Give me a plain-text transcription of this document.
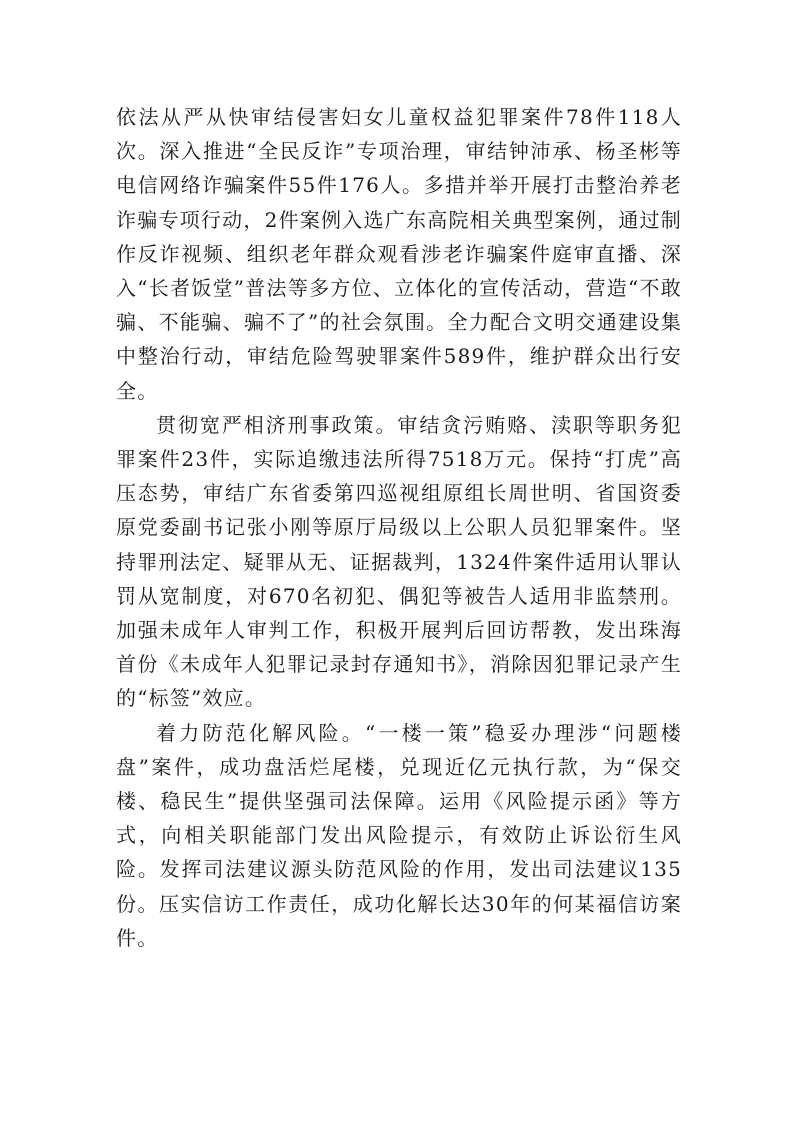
依法从严从快审结侵害妇女儿童权益犯罪案件78件118人次。深入推进“全民反诈”专项治理，审结钟沛承、杨圣彬等电信网络诈骗案件55件176人。多措并举开展打击整治养老诈骗专项行动，2件案例入选广东高院相关典型案例，通过制作反诈视频、组织老年群众观看涉老诈骗案件庭审直播、深入“长者饭堂”普法等多方位、立体化的宣传活动，营造“不敢骗、不能骗、骗不了”的社会氛围。全力配合文明交通建设集中整治行动，审结危险驾驶罪案件589件，维护群众出行安全。

贯彻宽严相济刑事政策。审结贪污贿赂、渎职等职务犯罪案件23件，实际追缴违法所得7518万元。保持“打虎”高压态势，审结广东省委第四巡视组原组长周世明、省国资委原党委副书记张小刚等原厅局级以上公职人员犯罪案件。坚持罪刑法定、疑罪从无、证据裁判，1324件案件适用认罪认罚从宽制度，对670名初犯、偶犯等被告人适用非监禁刑。加强未成年人审判工作，积极开展判后回访帮教，发出珠海首份《未成年人犯罪记录封存通知书》，消除因犯罪记录产生的“标签”效应。

着力防范化解风险。“一楼一策”稳妥办理涉“问题楼盘”案件，成功盘活烂尾楼，兑现近亿元执行款，为“保交楼、稳民生”提供坚强司法保障。运用《风险提示函》等方式，向相关职能部门发出风险提示，有效防止诉讼衍生风险。发挥司法建议源头防范风险的作用，发出司法建议135份。压实信访工作责任，成功化解长达30年的何某福信访案件。
